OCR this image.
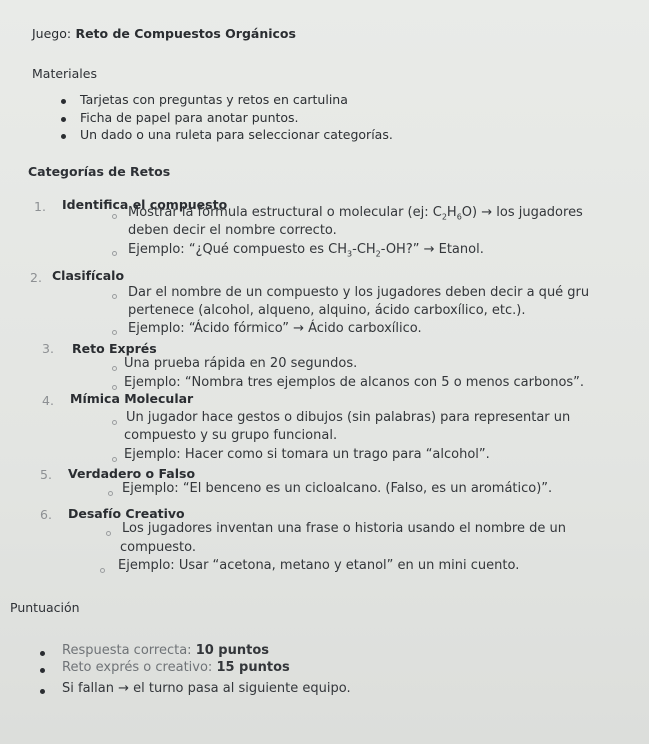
Juego: Reto de Compuestos Orgánicos
Materiales
Tarjetas con preguntas y retos en cartulina
Ficha de papel para anotar puntos.
Un dado o una ruleta para seleccionar categorías.
Categorías de Retos
1. Identifica el compuesto
Mostrar la fórmula estructural o molecular (ej: $C_2H_6O$) → los jugadores
deben decir el nombre correcto.
Ejemplo: “¿Qué compuesto es $CH_3-CH_2-OH$?” → Etanol.
2. Clasifícalo
Dar el nombre de un compuesto y los jugadores deben decir a qué gru
pertenece (alcohol, alqueno, alquino, ácido carboxílico, etc.).
Ejemplo: “Ácido fórmico” → Ácido carboxílico.
3. Reto Exprés
Una prueba rápida en 20 segundos.
Ejemplo: “Nombra tres ejemplos de alcanos con 5 o menos carbonos”.
4. Mímica Molecular
Un jugador hace gestos o dibujos (sin palabras) para representar un
compuesto y su grupo funcional.
Ejemplo: Hacer como si tomara un trago para “alcohol”.
5. Verdadero o Falso
Ejemplo: “El benceno es un cicloalcano. (Falso, es un aromático)”.
6. Desafío Creativo
Los jugadores inventan una frase o historia usando el nombre de un
compuesto.
Ejemplo: Usar “acetona, metano y etanol” en un mini cuento.
Puntuación
Respuesta correcta: 10 puntos
Reto exprés o creativo: 15 puntos
Si fallan → el turno pasa al siguiente equipo.
